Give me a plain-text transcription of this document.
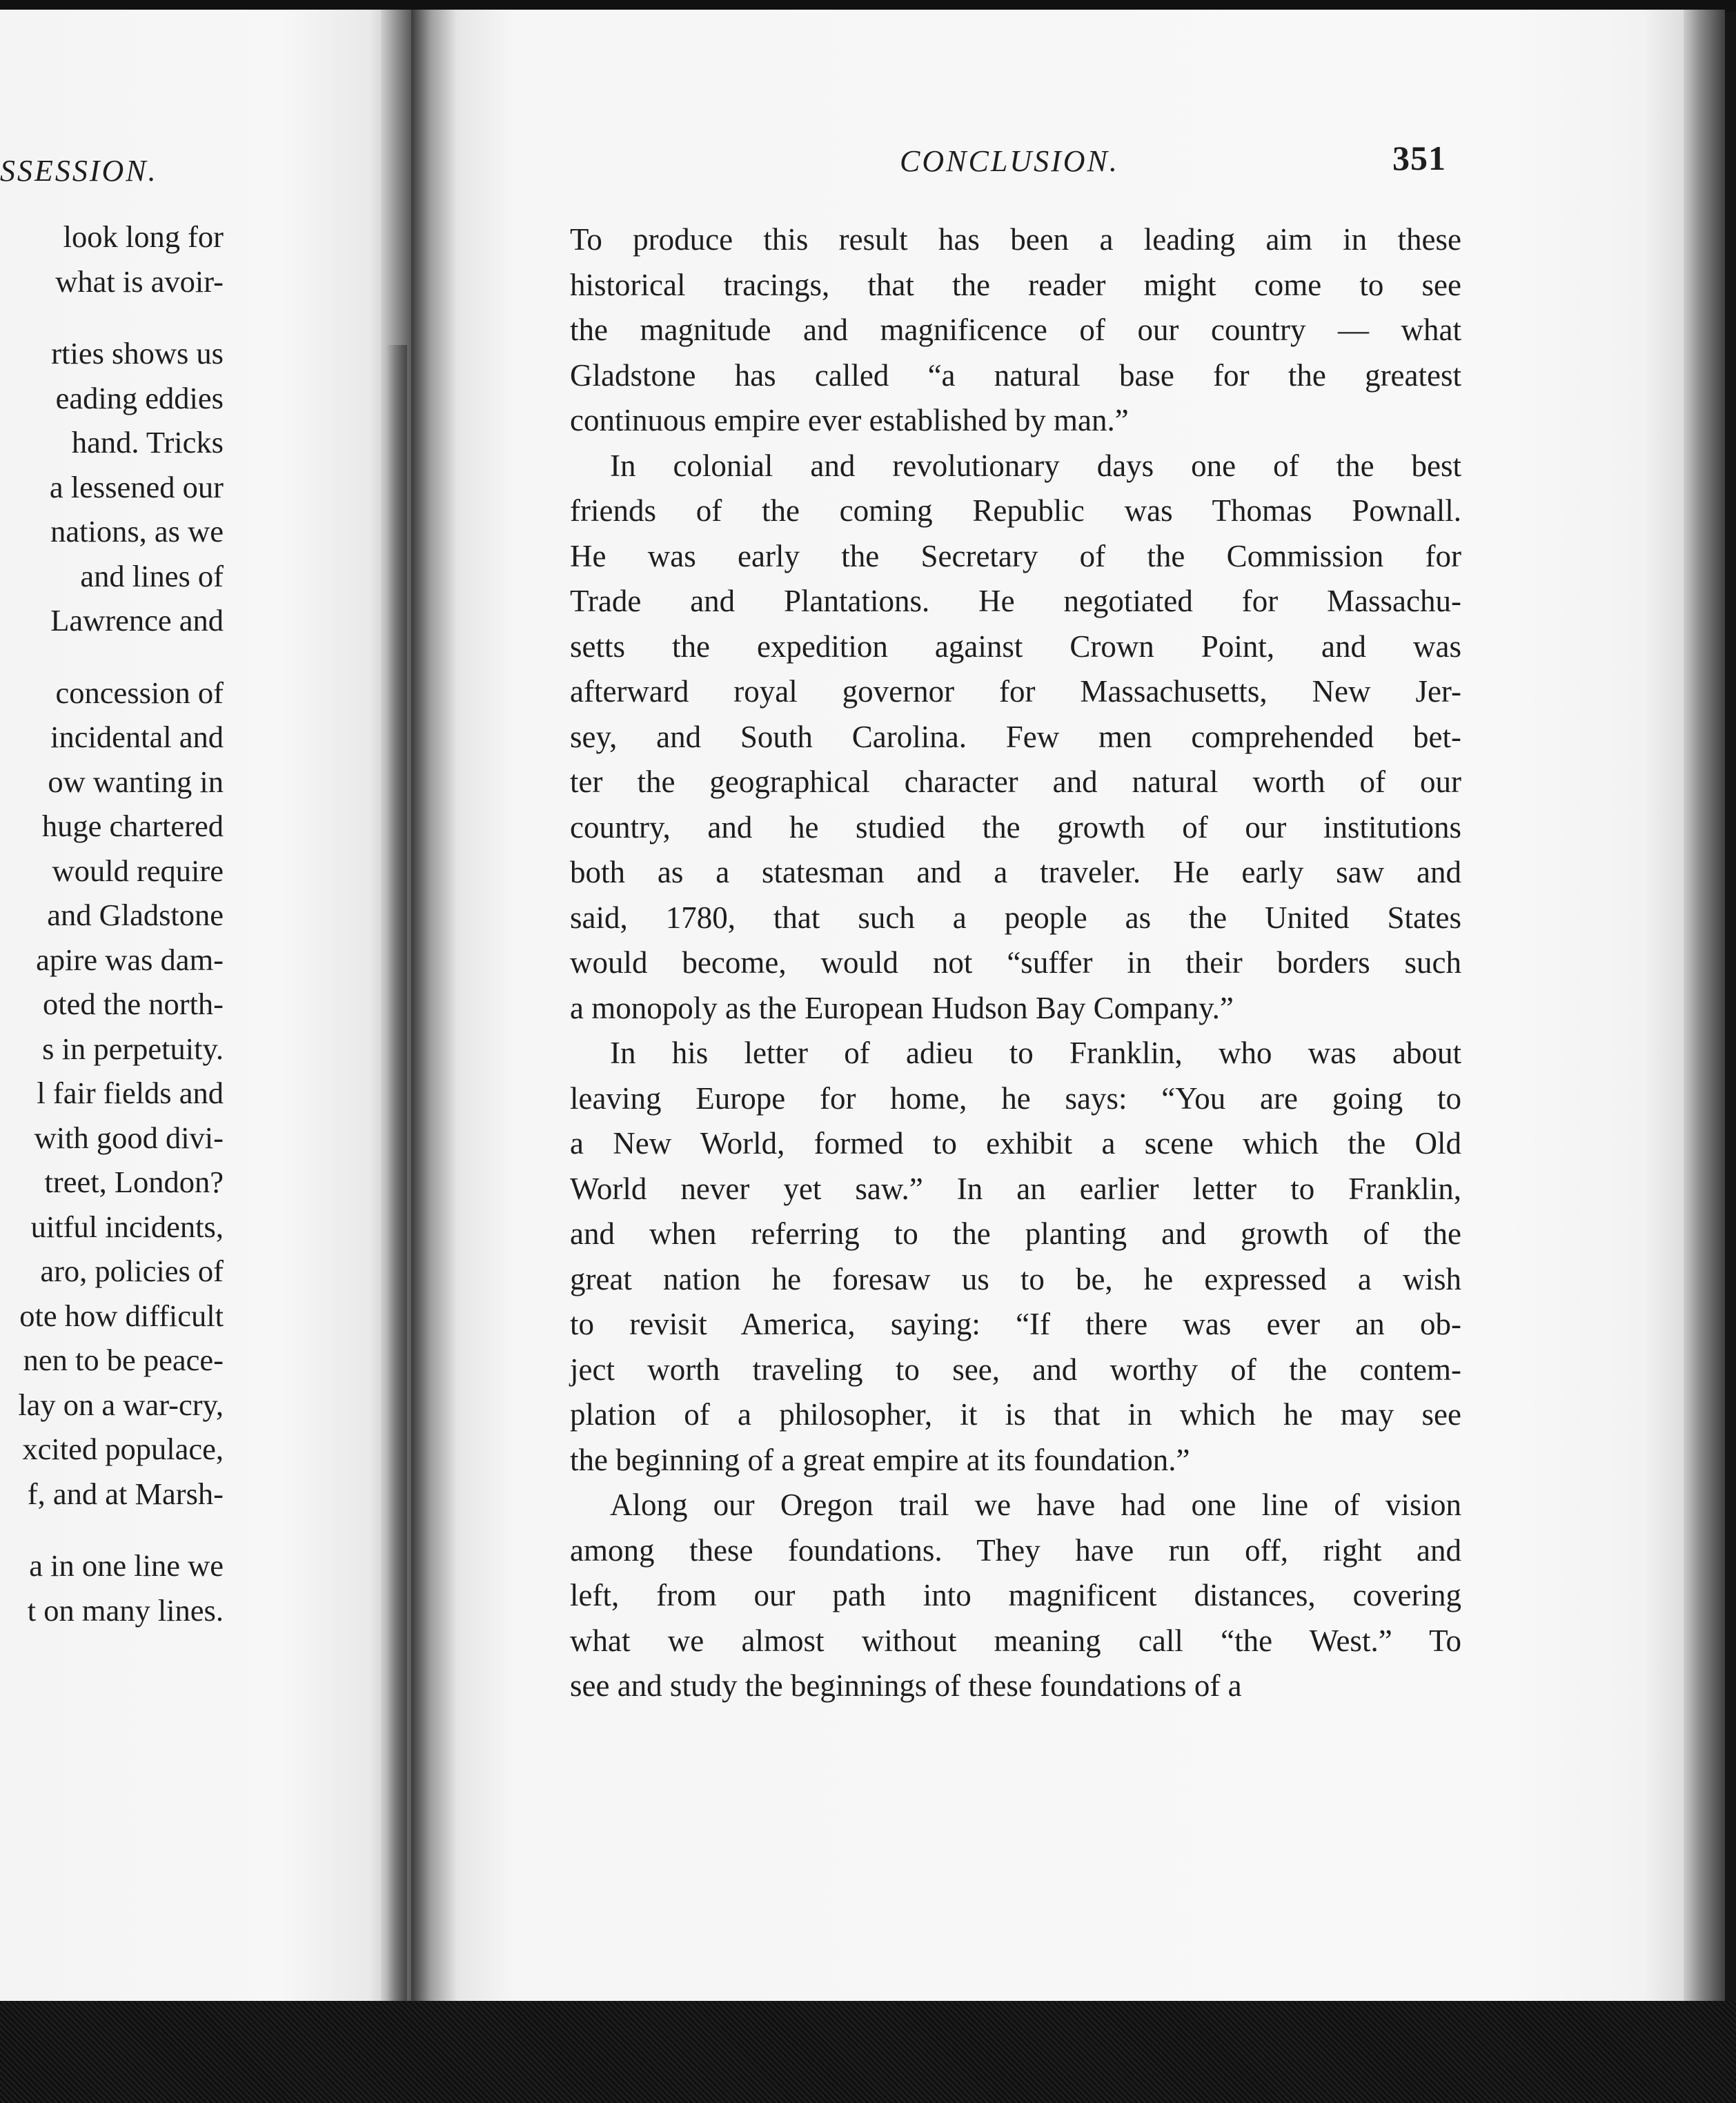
SSESSION.
look long for
what is avoir-
rties shows us
eading eddies
hand. Tricks
a lessened our
nations, as we
and lines of
Lawrence and
concession of
incidental and
ow wanting in
huge chartered
would require
and Gladstone
apire was dam-
oted the north-
s in perpetuity.
l fair fields and
with good divi-
treet, London?
uitful incidents,
aro, policies of
ote how difficult
nen to be peace-
lay on a war-cry,
xcited populace,
f, and at Marsh-
a in one line we
t on many lines.
CONCLUSION.	351
To produce this result has been a leading aim in these
historical tracings, that the reader might come to see
the magnitude and magnificence of our country — what
Gladstone has called “a natural base for the greatest
continuous empire ever established by man.”
In colonial and revolutionary days one of the best
friends of the coming Republic was Thomas Pownall.
He was early the Secretary of the Commission for
Trade and Plantations. He negotiated for Massachu-
setts the expedition against Crown Point, and was
afterward royal governor for Massachusetts, New Jer-
sey, and South Carolina. Few men comprehended bet-
ter the geographical character and natural worth of our
country, and he studied the growth of our institutions
both as a statesman and a traveler. He early saw and
said, 1780, that such a people as the United States
would become, would not “suffer in their borders such
a monopoly as the European Hudson Bay Company.”
In his letter of adieu to Franklin, who was about
leaving Europe for home, he says: “You are going to
a New World, formed to exhibit a scene which the Old
World never yet saw.” In an earlier letter to Franklin,
and when referring to the planting and growth of the
great nation he foresaw us to be, he expressed a wish
to revisit America, saying: “If there was ever an ob-
ject worth traveling to see, and worthy of the contem-
plation of a philosopher, it is that in which he may see
the beginning of a great empire at its foundation.”
Along our Oregon trail we have had one line of vision
among these foundations. They have run off, right and
left, from our path into magnificent distances, covering
what we almost without meaning call “the West.” To
see and study the beginnings of these foundations of a
